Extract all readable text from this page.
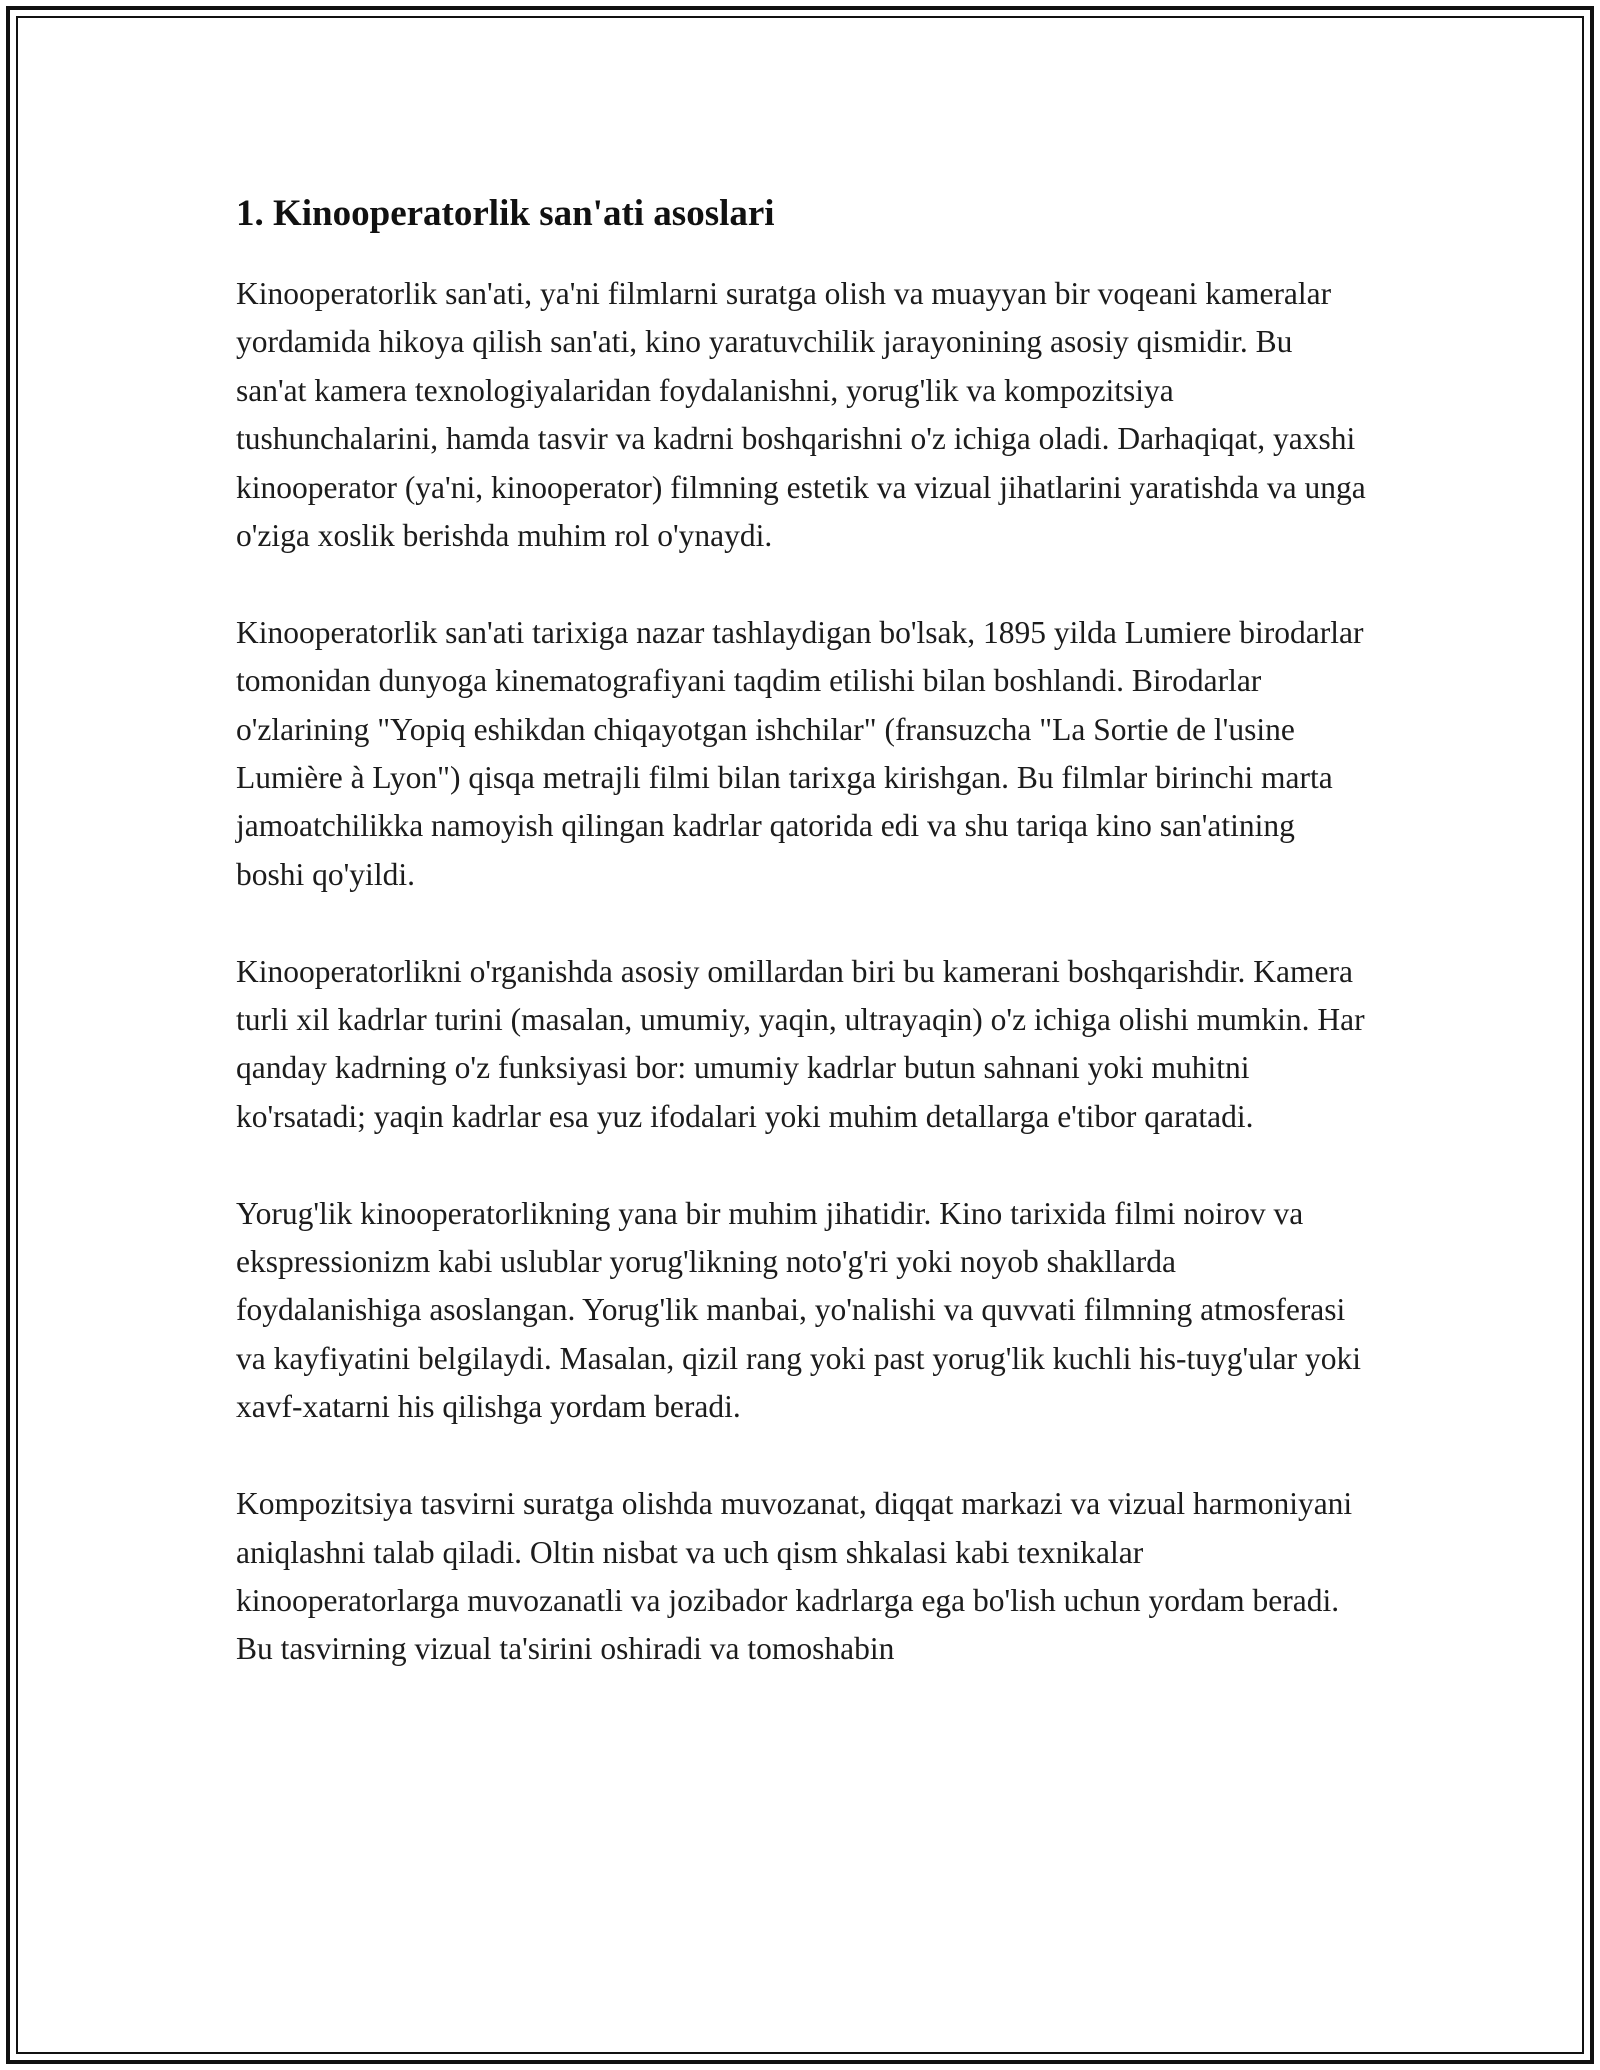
1. Kinooperatorlik san'ati asoslari

Kinooperatorlik san'ati, ya'ni filmlarni suratga olish va muayyan bir voqeani kameralar yordamida hikoya qilish san'ati, kino yaratuvchilik jarayonining asosiy qismidir. Bu san'at kamera texnologiyalaridan foydalanishni, yorug'lik va kompozitsiya tushunchalarini, hamda tasvir va kadrni boshqarishni o'z ichiga oladi. Darhaqiqat, yaxshi kinooperator (ya'ni, kinooperator) filmning estetik va vizual jihatlarini yaratishda va unga o'ziga xoslik berishda muhim rol o'ynaydi.

Kinooperatorlik san'ati tarixiga nazar tashlaydigan bo'lsak, 1895 yilda Lumiere birodarlar tomonidan dunyoga kinematografiyani taqdim etilishi bilan boshlandi. Birodarlar o'zlarining "Yopiq eshikdan chiqayotgan ishchilar" (fransuzcha "La Sortie de l'usine Lumière à Lyon") qisqa metrajli filmi bilan tarixga kirishgan. Bu filmlar birinchi marta jamoatchilikka namoyish qilingan kadrlar qatorida edi va shu tariqa kino san'atining boshi qo'yildi.

Kinooperatorlikni o'rganishda asosiy omillardan biri bu kamerani boshqarishdir. Kamera turli xil kadrlar turini (masalan, umumiy, yaqin, ultrayaqin) o'z ichiga olishi mumkin. Har qanday kadrning o'z funksiyasi bor: umumiy kadrlar butun sahnani yoki muhitni ko'rsatadi; yaqin kadrlar esa yuz ifodalari yoki muhim detallarga e'tibor qaratadi.

Yorug'lik kinooperatorlikning yana bir muhim jihatidir. Kino tarixida filmi noirov va ekspressionizm kabi uslublar yorug'likning noto'g'ri yoki noyob shakllarda foydalanishiga asoslangan. Yorug'lik manbai, yo'nalishi va quvvati filmning atmosferasi va kayfiyatini belgilaydi. Masalan, qizil rang yoki past yorug'lik kuchli his-tuyg'ular yoki xavf-xatarni his qilishga yordam beradi.

Kompozitsiya tasvirni suratga olishda muvozanat, diqqat markazi va vizual harmoniyani aniqlashni talab qiladi. Oltin nisbat va uch qism shkalasi kabi texnikalar kinooperatorlarga muvozanatli va jozibador kadrlarga ega bo'lish uchun yordam beradi. Bu tasvirning vizual ta'sirini oshiradi va tomoshabin
